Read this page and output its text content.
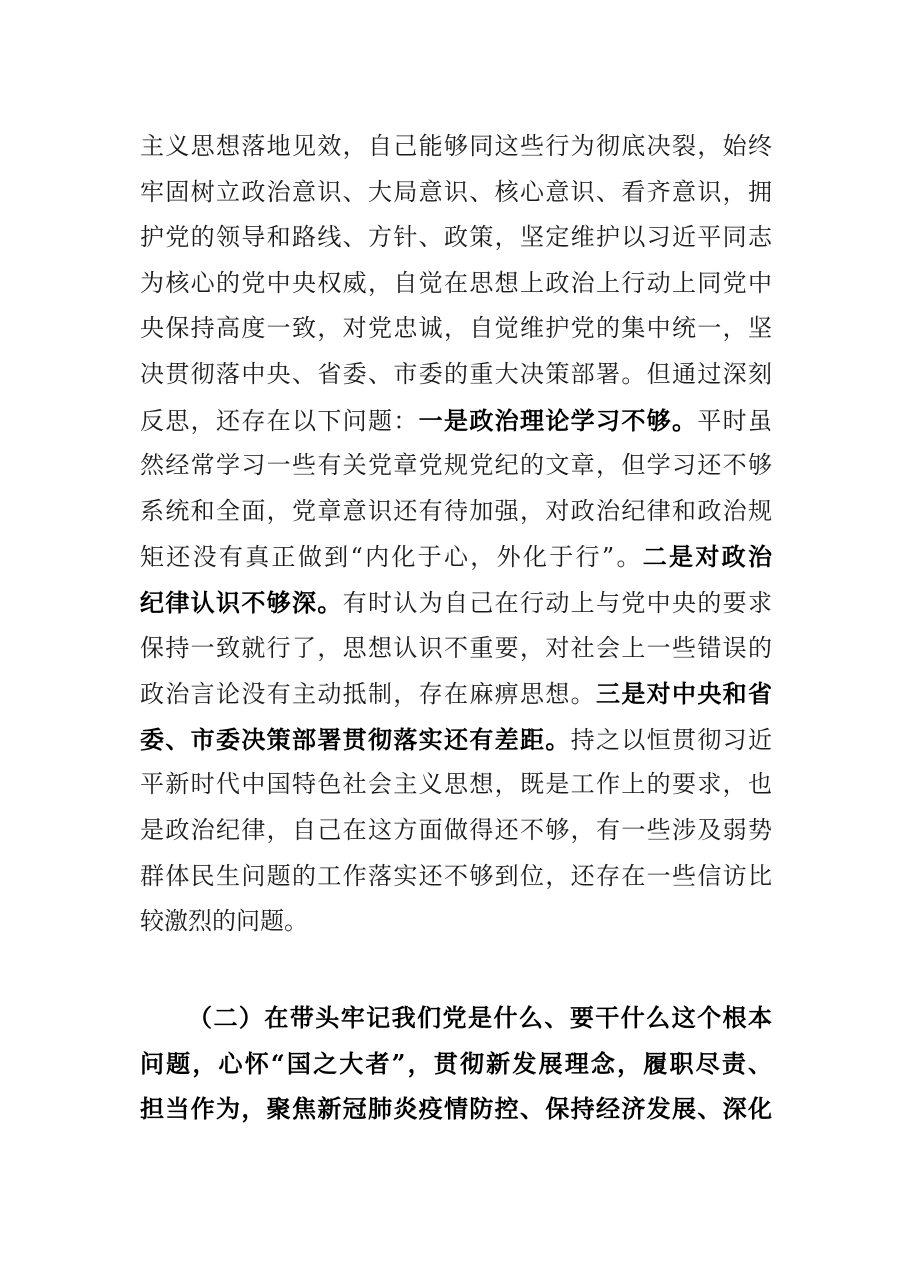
主义思想落地见效，自己能够同这些行为彻底决裂，始终
牢固树立政治意识、大局意识、核心意识、看齐意识，拥
护党的领导和路线、方针、政策，坚定维护以习近平同志
为核心的党中央权威，自觉在思想上政治上行动上同党中
央保持高度一致，对党忠诚，自觉维护党的集中统一，坚
决贯彻落中央、省委、市委的重大决策部署。但通过深刻
反思，还存在以下问题：一是政治理论学习不够。平时虽
然经常学习一些有关党章党规党纪的文章，但学习还不够
系统和全面，党章意识还有待加强，对政治纪律和政治规
矩还没有真正做到“内化于心，外化于行”。二是对政治
纪律认识不够深。有时认为自己在行动上与党中央的要求
保持一致就行了，思想认识不重要，对社会上一些错误的
政治言论没有主动抵制，存在麻痹思想。三是对中央和省
委、市委决策部署贯彻落实还有差距。持之以恒贯彻习近
平新时代中国特色社会主义思想，既是工作上的要求，也
是政治纪律，自己在这方面做得还不够，有一些涉及弱势
群体民生问题的工作落实还不够到位，还存在一些信访比
较激烈的问题。
（二）在带头牢记我们党是什么、要干什么这个根本
问题，心怀“国之大者”，贯彻新发展理念，履职尽责、
担当作为，聚焦新冠肺炎疫情防控、保持经济发展、深化
